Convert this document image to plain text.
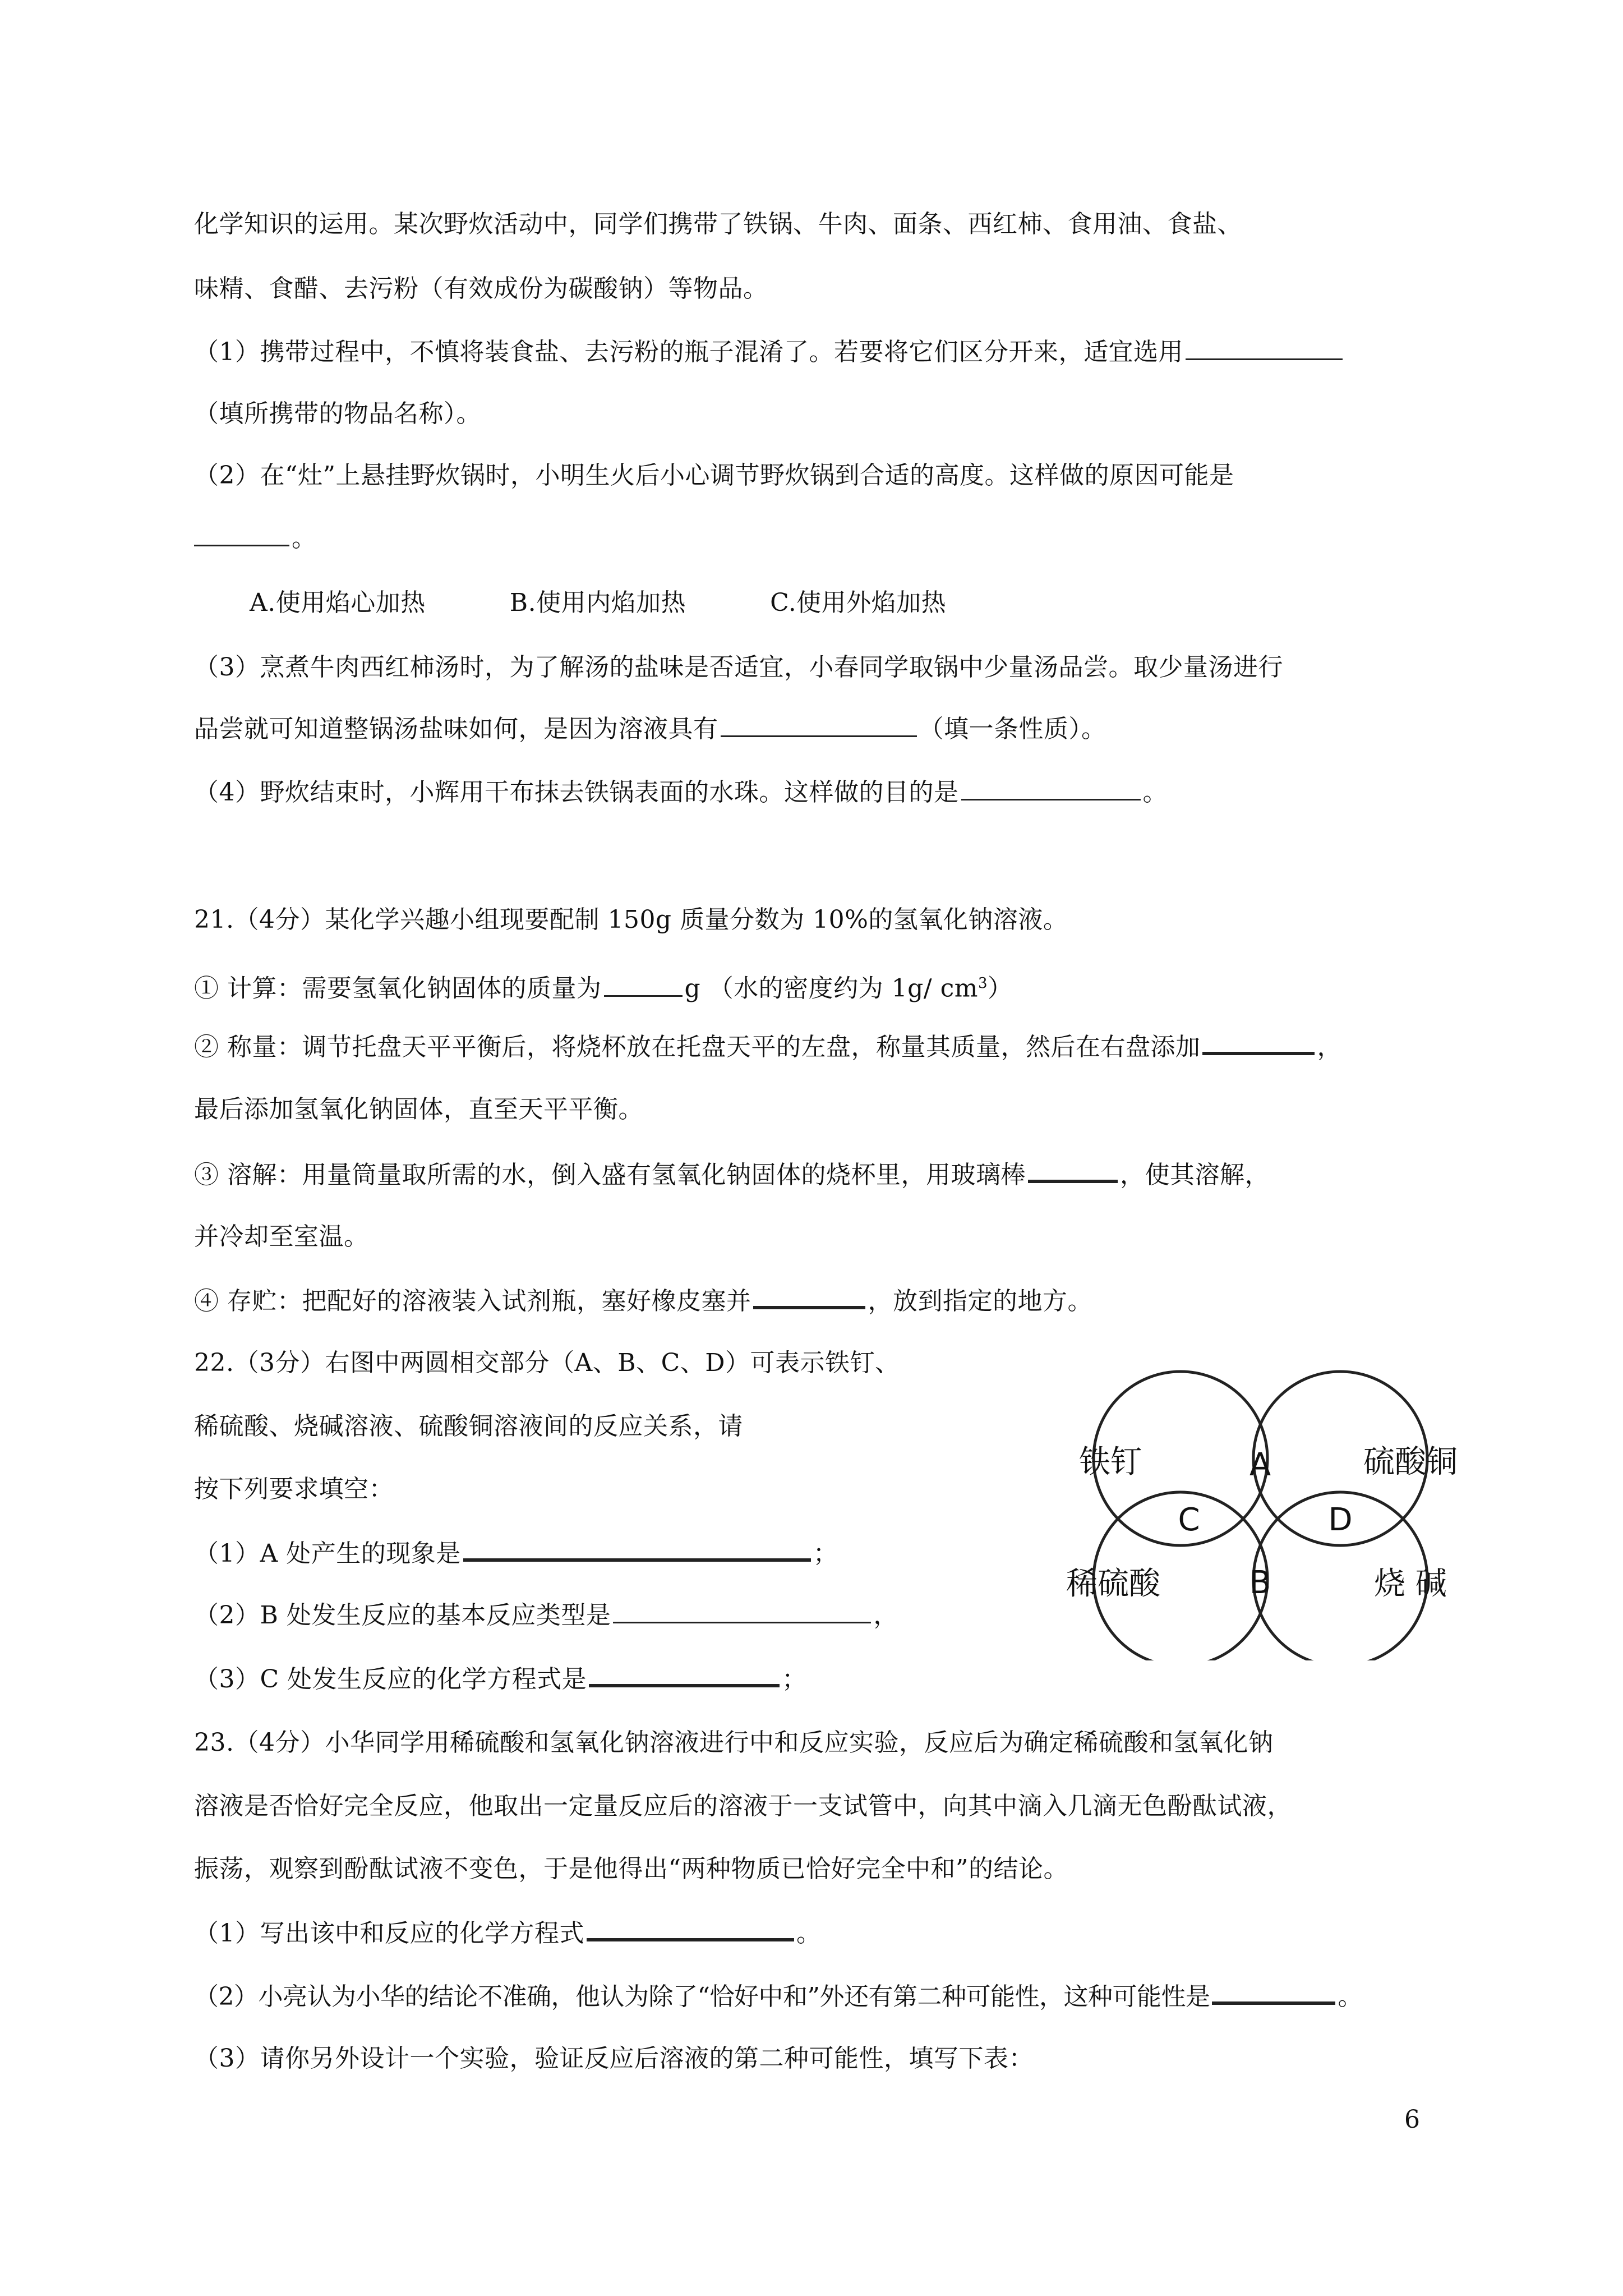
化学知识的运用。某次野炊活动中，同学们携带了铁锅、牛肉、面条、西红柿、食用油、食盐、
味精、食醋、去污粉（有效成份为碳酸钠）等物品。
（1）携带过程中，不慎将装食盐、去污粉的瓶子混淆了。若要将它们区分开来，适宜选用
（填所携带的物品名称）。
（2）在“灶”上悬挂野炊锅时，小明生火后小心调节野炊锅到合适的高度。这样做的原因可能是
。
A.使用焰心加热	B.使用内焰加热	C.使用外焰加热
（3）烹煮牛肉西红柿汤时，为了解汤的盐味是否适宜，小春同学取锅中少量汤品尝。取少量汤进行
品尝就可知道整锅汤盐味如何，是因为溶液具有	（填一条性质）。
（4）野炊结束时，小辉用干布抹去铁锅表面的水珠。这样做的目的是	。
21.（4分）某化学兴趣小组现要配制 150g 质量分数为 10%的氢氧化钠溶液。
① 计算：需要氢氧化钠固体的质量为	g （水的密度约为 1g/ $cm^3$）
② 称量：调节托盘天平平衡后，将烧杯放在托盘天平的左盘，称量其质量，然后在右盘添加	，
最后添加氢氧化钠固体，直至天平平衡。
③ 溶解：用量筒量取所需的水，倒入盛有氢氧化钠固体的烧杯里，用玻璃棒	，使其溶解，
并冷却至室温。
④ 存贮：把配好的溶液装入试剂瓶，塞好橡皮塞并	，放到指定的地方。
22.（3分）右图中两圆相交部分（A、B、C、D）可表示铁钉、
稀硫酸、烧碱溶液、硫酸铜溶液间的反应关系，请
按下列要求填空：
（1）A 处产生的现象是	；
（2）B 处发生反应的基本反应类型是	，
（3）C 处发生反应的化学方程式是	；
铁钉	硫酸铜
稀硫酸	烧 碱
A
B
C	D
23.（4分）小华同学用稀硫酸和氢氧化钠溶液进行中和反应实验，反应后为确定稀硫酸和氢氧化钠
溶液是否恰好完全反应，他取出一定量反应后的溶液于一支试管中，向其中滴入几滴无色酚酞试液，
振荡，观察到酚酞试液不变色，于是他得出“两种物质已恰好完全中和”的结论。
（1）写出该中和反应的化学方程式	。
（2）小亮认为小华的结论不准确，他认为除了“恰好中和”外还有第二种可能性，这种可能性是	。
（3）请你另外设计一个实验，验证反应后溶液的第二种可能性，填写下表：
6
